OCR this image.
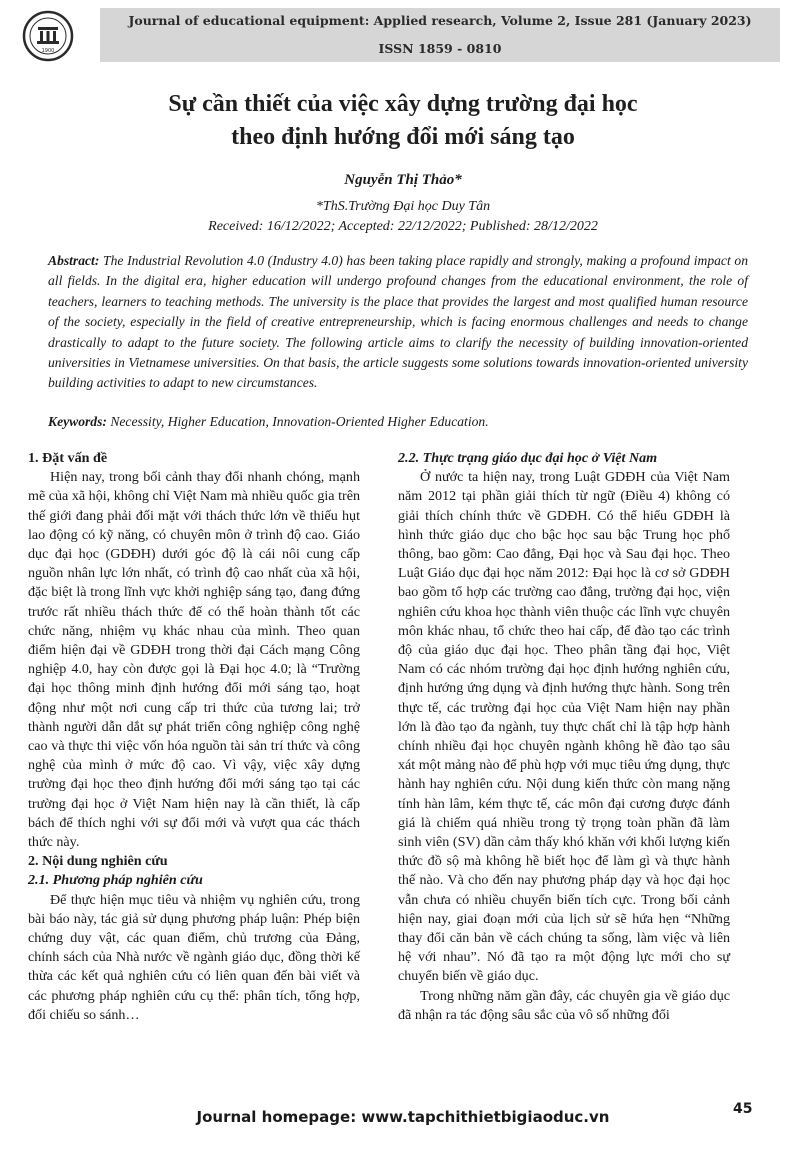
1900
Journal of educational equipment: Applied research, Volume 2, Issue 281 (January 2023)
ISSN 1859 - 0810
Sự cần thiết của việc xây dựng trường đại học
theo định hướng đổi mới sáng tạo
Nguyễn Thị Thảo*
*ThS.Trường Đại học Duy Tân
Received: 16/12/2022; Accepted: 22/12/2022; Published: 28/12/2022
Abstract: The Industrial Revolution 4.0 (Industry 4.0) has been taking place rapidly and strongly, making a profound impact on all fields. In the digital era, higher education will undergo profound changes from the educational environment, the role of teachers, learners to teaching methods. The university is the place that provides the largest and most qualified human resource of the society, especially in the field of creative entrepreneurship, which is facing enormous challenges and needs to change drastically to adapt to the future society. The following article aims to clarify the necessity of building innovation-oriented universities in Vietnamese universities. On that basis, the article suggests some solutions towards innovation-oriented university building activities to adapt to new circumstances.
Keywords: Necessity, Higher Education, Innovation-Oriented Higher Education.
1. Đặt vấn đề

Hiện nay, trong bối cảnh thay đổi nhanh chóng, mạnh mẽ của xã hội, không chỉ Việt Nam mà nhiều quốc gia trên thế giới đang phải đối mặt với thách thức lớn về thiếu hụt lao động có kỹ năng, có chuyên môn ở trình độ cao. Giáo dục đại học (GDĐH) dưới góc độ là cái nôi cung cấp nguồn nhân lực lớn nhất, có trình độ cao nhất của xã hội, đặc biệt là trong lĩnh vực khởi nghiệp sáng tạo, đang đứng trước rất nhiều thách thức để có thể hoàn thành tốt các chức năng, nhiệm vụ khác nhau của mình. Theo quan điểm hiện đại về GDĐH trong thời đại Cách mạng Công nghiệp 4.0, hay còn được gọi là Đại học 4.0; là “Trường đại học thông minh định hướng đổi mới sáng tạo, hoạt động như một nơi cung cấp tri thức của tương lai; trở thành người dẫn dắt sự phát triển công nghiệp công nghệ cao và thực thi việc vốn hóa nguồn tài sản trí thức và công nghệ của mình ở mức độ cao. Vì vậy, việc xây dựng trường đại học theo định hướng đổi mới sáng tạo tại các trường đại học ở Việt Nam hiện nay là cần thiết, là cấp bách để thích nghi với sự đổi mới và vượt qua các thách thức này.

2. Nội dung nghiên cứu
2.1. Phương pháp nghiên cứu

Để thực hiện mục tiêu và nhiệm vụ nghiên cứu, trong bài báo này, tác giả sử dụng phương pháp luận: Phép biện chứng duy vật, các quan điểm, chủ trương của Đảng, chính sách của Nhà nước về ngành giáo dục, đồng thời kế thừa các kết quả nghiên cứu có liên quan đến bài viết và các phương pháp nghiên cứu cụ thể: phân tích, tổng hợp, đối chiếu so sánh…

2.2. Thực trạng giáo dục đại học ở Việt Nam

Ở nước ta hiện nay, trong Luật GDĐH của Việt Nam năm 2012 tại phần giải thích từ ngữ (Điều 4) không có giải thích chính thức về GDĐH. Có thể hiểu GDĐH là hình thức giáo dục cho bậc học sau bậc Trung học phổ thông, bao gồm: Cao đẳng, Đại học và Sau đại học. Theo Luật Giáo dục đại học năm 2012: Đại học là cơ sở GDĐH bao gồm tổ hợp các trường cao đẳng, trường đại học, viện nghiên cứu khoa học thành viên thuộc các lĩnh vực chuyên môn khác nhau, tổ chức theo hai cấp, để đào tạo các trình độ của giáo dục đại học. Theo phân tầng đại học, Việt Nam có các nhóm trường đại học định hướng nghiên cứu, định hướng ứng dụng và định hướng thực hành. Song trên thực tế, các trường đại học của Việt Nam hiện nay phần lớn là đào tạo đa ngành, tuy thực chất chỉ là tập hợp hành chính nhiều đại học chuyên ngành không hề đào tạo sâu xát một mảng nào để phù hợp với mục tiêu ứng dụng, thực hành hay nghiên cứu. Nội dung kiến thức còn mang nặng tính hàn lâm, kém thực tế, các môn đại cương được đánh giá là chiếm quá nhiều trong tỷ trọng toàn phần đã làm sinh viên (SV) dần cảm thấy khó khăn với khối lượng kiến thức đồ sộ mà không hề biết học để làm gì và thực hành thế nào. Và cho đến nay phương pháp dạy và học đại học vẫn chưa có nhiều chuyển biến tích cực. Trong bối cảnh hiện nay, giai đoạn mới của lịch sử sẽ hứa hẹn “Những thay đổi căn bản về cách chúng ta sống, làm việc và liên hệ với nhau”. Nó đã tạo ra một động lực mới cho sự chuyển biến về giáo dục.

Trong những năm gần đây, các chuyên gia về giáo dục đã nhận ra tác động sâu sắc của vô số những đổi

Journal homepage: www.tapchithietbigiaoduc.vn	45
